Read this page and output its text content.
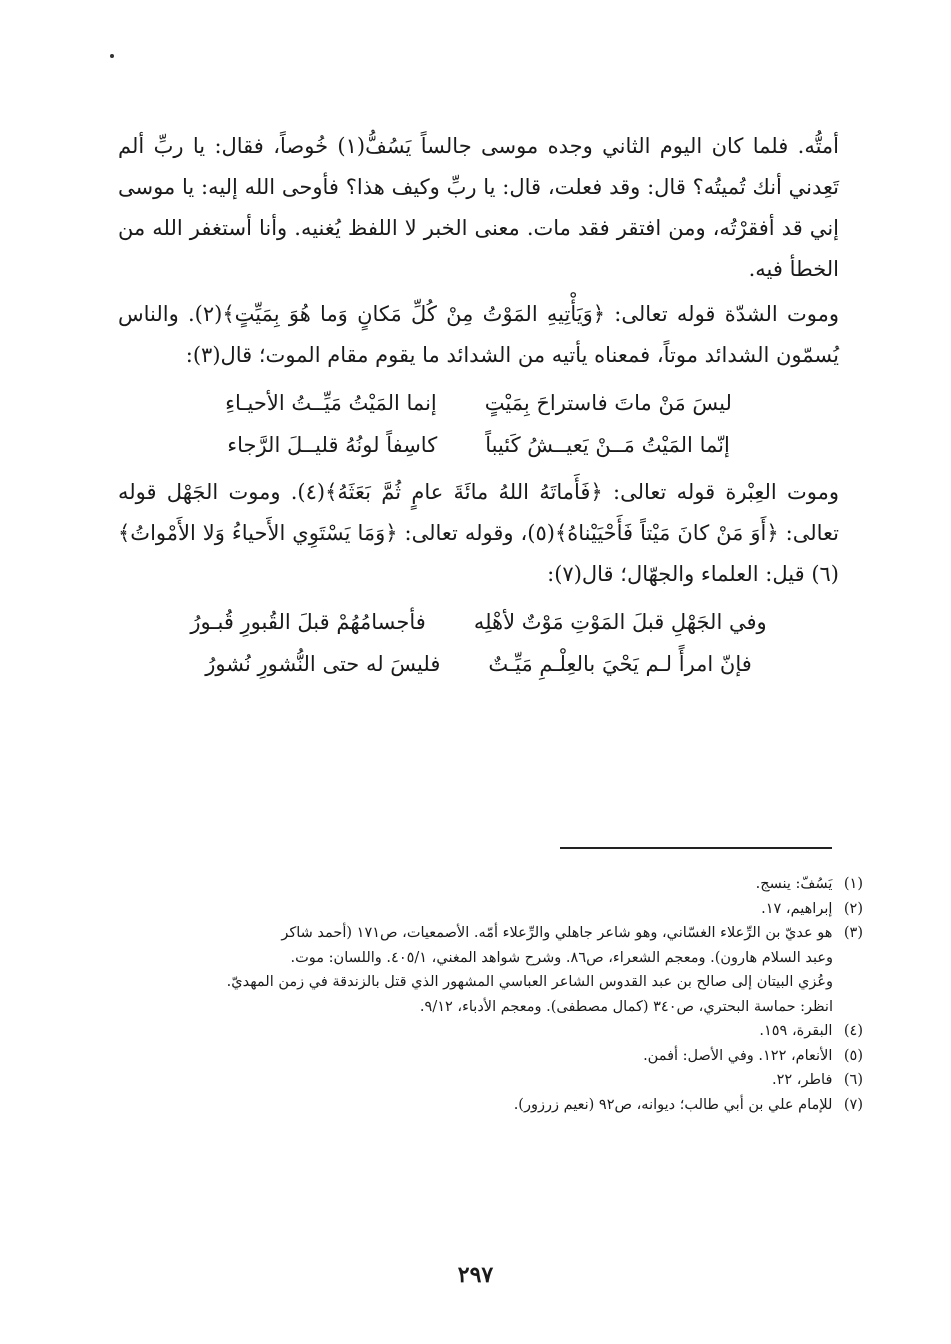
أمتُّه. فلما كان اليوم الثاني وجده موسى جالساً يَسُفُّ(١) خُوصاً، فقال: يا ربِّ ألم تَعِدني أنك تُميتُه؟ قال: وقد فعلت، قال: يا ربِّ وكيف هذا؟ فأوحى الله إليه: يا موسى إني قد أفقرْتُه، ومن افتقر فقد مات. معنى الخبر لا اللفظ يُغنيه. وأنا أستغفر الله من الخطأ فيه.

وموت الشدّة قوله تعالى: ﴿وَيَأْتِيهِ المَوْتُ مِنْ كُلِّ مَكانٍ وَما هُوَ بِمَيِّتٍ﴾(٢). والناس يُسمّون الشدائد موتاً، فمعناه يأتيه من الشدائد ما يقوم مقام الموت؛ قال(٣):

ليسَ مَنْ ماتَ فاستراحَ بِمَيْتٍ
إنما المَيْتُ مَيِّــتُ الأحيـاءِ
إنّما المَيْتُ مَــنْ يَعيــشُ كَئيباً
كاسِفاً لونُهُ قليــلَ الرَّجاء

وموت العِبْرة قوله تعالى: ﴿فَأَماتَهُ اللهُ مائَةَ عامٍ ثُمَّ بَعَثَهُ﴾(٤). وموت الجَهْل قوله تعالى: ﴿أَوَ مَنْ كانَ مَيْتاً فَأَحْيَيْناهُ﴾(٥)، وقوله تعالى: ﴿وَمَا يَسْتَوِي الأَحياءُ وَلا الأَمْواتُ﴾(٦) قيل: العلماء والجهّال؛ قال(٧):

وفي الجَهْلِ قبلَ المَوْتِ مَوْتٌ لأهْلِه
فأجسامُهُمْ قبلَ القُبورِ قُبـورُ
فإنّ امرأً لـم يَحْيَ بالعِلْـمِ مَيِّـتٌ
فليسَ له حتى النُّشورِ نُشورُ

(١) يَسُفّ: ينسج.

(٢) إبراهيم، ١٧.

(٣) هو عديّ بن الرِّعلاء الغسّاني، وهو شاعر جاهلي والرِّعلاء أمّه. الأصمعيات، ص١٧١ (أحمد شاكر

وعبد السلام هارون). ومعجم الشعراء، ص٨٦. وشرح شواهد المغني، ٤٠٥/١. واللسان: موت.

وعُزي البيتان إلى صالح بن عبد القدوس الشاعر العباسي المشهور الذي قتل بالزندقة في زمن المهديّ.

انظر: حماسة البحتري، ص٣٤٠ (كمال مصطفى). ومعجم الأدباء، ٩/١٢.

(٤) البقرة، ١٥٩.

(٥) الأنعام، ١٢٢. وفي الأصل: أفمن.

(٦) فاطر، ٢٢.

(٧) للإمام علي بن أبي طالب؛ ديوانه، ص٩٢ (نعيم زرزور).

٢٩٧
